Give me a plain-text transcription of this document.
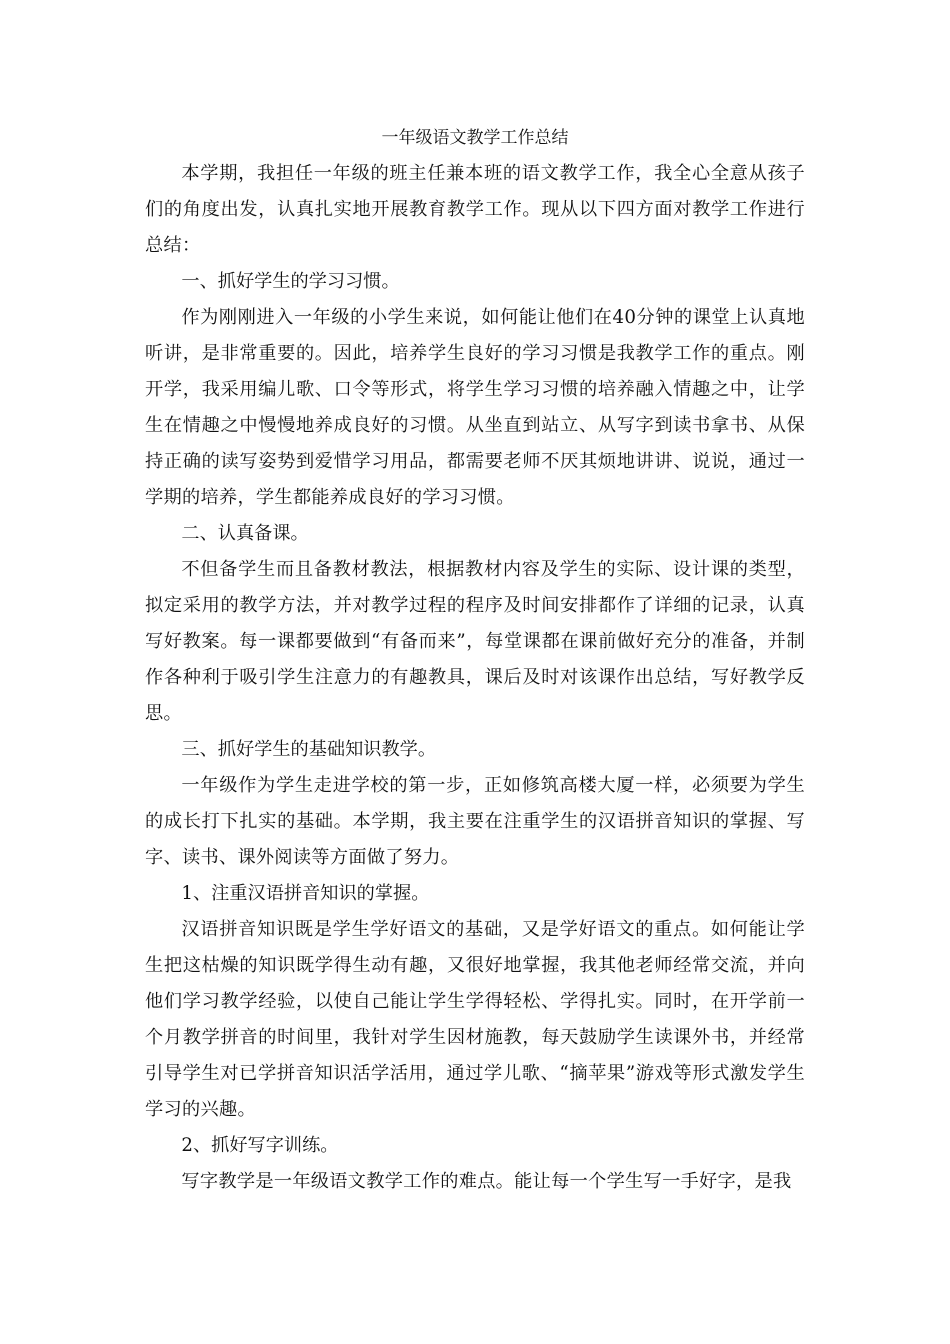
一年级语文教学工作总结

本学期，我担任一年级的班主任兼本班的语文教学工作，我全心全意从孩子们的角度出发，认真扎实地开展教育教学工作。现从以下四方面对教学工作进行总结：

一、抓好学生的学习习惯。

作为刚刚进入一年级的小学生来说，如何能让他们在40分钟的课堂上认真地听讲，是非常重要的。因此，培养学生良好的学习习惯是我教学工作的重点。刚开学，我采用编儿歌、口令等形式，将学生学习习惯的培养融入情趣之中，让学生在情趣之中慢慢地养成良好的习惯。从坐直到站立、从写字到读书拿书、从保持正确的读写姿势到爱惜学习用品，都需要老师不厌其烦地讲讲、说说，通过一学期的培养，学生都能养成良好的学习习惯。

二、认真备课。

不但备学生而且备教材教法，根据教材内容及学生的实际、设计课的类型，拟定采用的教学方法，并对教学过程的程序及时间安排都作了详细的记录，认真写好教案。每一课都要做到“有备而来”，每堂课都在课前做好充分的准备，并制作各种利于吸引学生注意力的有趣教具，课后及时对该课作出总结，写好教学反思。

三、抓好学生的基础知识教学。

一年级作为学生走进学校的第一步，正如修筑高楼大厦一样，必须要为学生的成长打下扎实的基础。本学期，我主要在注重学生的汉语拼音知识的掌握、写字、读书、课外阅读等方面做了努力。

1、注重汉语拼音知识的掌握。

汉语拼音知识既是学生学好语文的基础，又是学好语文的重点。如何能让学生把这枯燥的知识既学得生动有趣，又很好地掌握，我其他老师经常交流，并向他们学习教学经验，以使自己能让学生学得轻松、学得扎实。同时，在开学前一个月教学拼音的时间里，我针对学生因材施教，每天鼓励学生读课外书，并经常引导学生对已学拼音知识活学活用，通过学儿歌、“摘苹果”游戏等形式激发学生学习的兴趣。

2、抓好写字训练。

写字教学是一年级语文教学工作的难点。能让每一个学生写一手好字，是我
